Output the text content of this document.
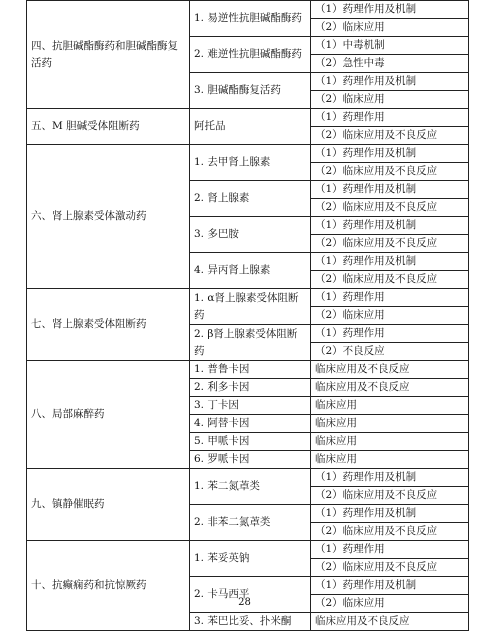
四、抗胆碱酯酶药和胆碱酯酶复活药	1. 易逆性抗胆碱酯酶药	（1）药理作用及机制
		（2）临床应用
	2. 难逆性抗胆碱酯酶药	（1）中毒机制
		（2）急性中毒
	3. 胆碱酯酶复活药	（1）药理作用及机制
		（2）临床应用
五、M 胆碱受体阻断药	阿托品	（1）药理作用
		（2）临床应用及不良反应
六、肾上腺素受体激动药	1. 去甲肾上腺素	（1）药理作用及机制
		（2）临床应用及不良反应
	2. 肾上腺素	（1）药理作用及机制
		（2）临床应用及不良反应
	3. 多巴胺	（1）药理作用及机制
		（2）临床应用及不良反应
	4. 异丙肾上腺素	（1）药理作用及机制
		（2）临床应用及不良反应
七、肾上腺素受体阻断药	1. α肾上腺素受体阻断药	（1）药理作用
		（2）临床应用
	2. β肾上腺素受体阻断药	（1）药理作用
		（2）不良反应
八、局部麻醉药	1. 普鲁卡因	临床应用及不良反应
	2. 利多卡因	临床应用及不良反应
	3. 丁卡因	临床应用
	4. 阿替卡因	临床应用
	5. 甲哌卡因	临床应用
	6. 罗哌卡因	临床应用
九、镇静催眠药	1. 苯二氮䓬类	（1）药理作用及机制
		（2）临床应用及不良反应
	2. 非苯二氮䓬类	（1）药理作用及机制
		（2）临床应用及不良反应
十、抗癫痫药和抗惊厥药	1. 苯妥英钠	（1）药理作用
		（2）临床应用及不良反应
	2. 卡马西平	（1）药理作用及机制
		（2）临床应用
	3. 苯巴比妥、扑米酮	临床应用及不良反应
28
